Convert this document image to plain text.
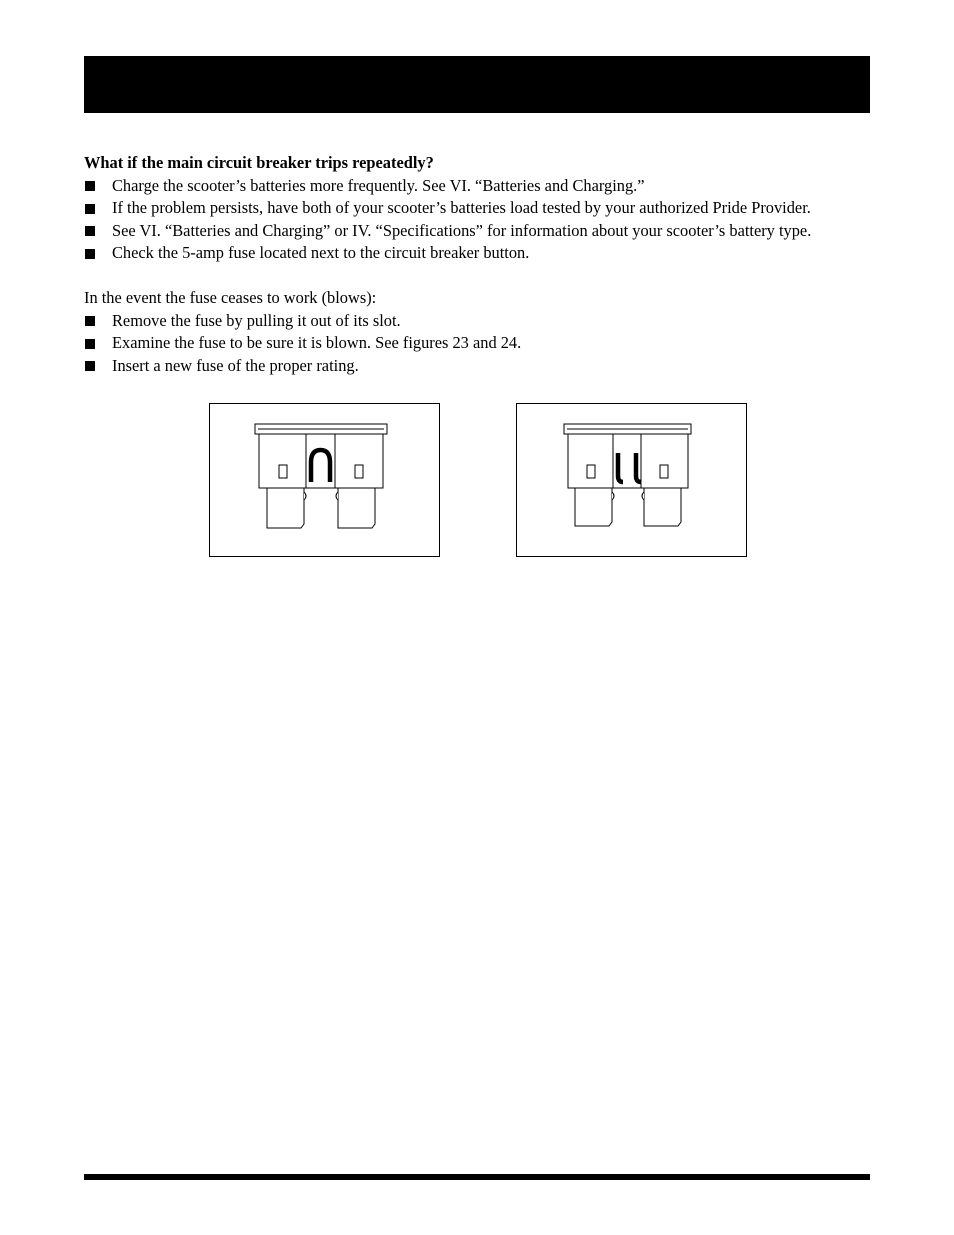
What if the main circuit breaker trips repeatedly?

Charge the scooter’s batteries more frequently. See VI. “Batteries and Charging.”
If the problem persists, have both of your scooter’s batteries load tested by your authorized Pride Provider.
See VI. “Batteries and Charging” or IV. “Specifications” for information about your scooter’s battery type.
Check the 5-amp fuse located next to the circuit breaker button.

In the event the fuse ceases to work (blows):

Remove the fuse by pulling it out of its slot.
Examine the fuse to be sure it is blown. See figures 23 and 24.
Insert a new fuse of the proper rating.
